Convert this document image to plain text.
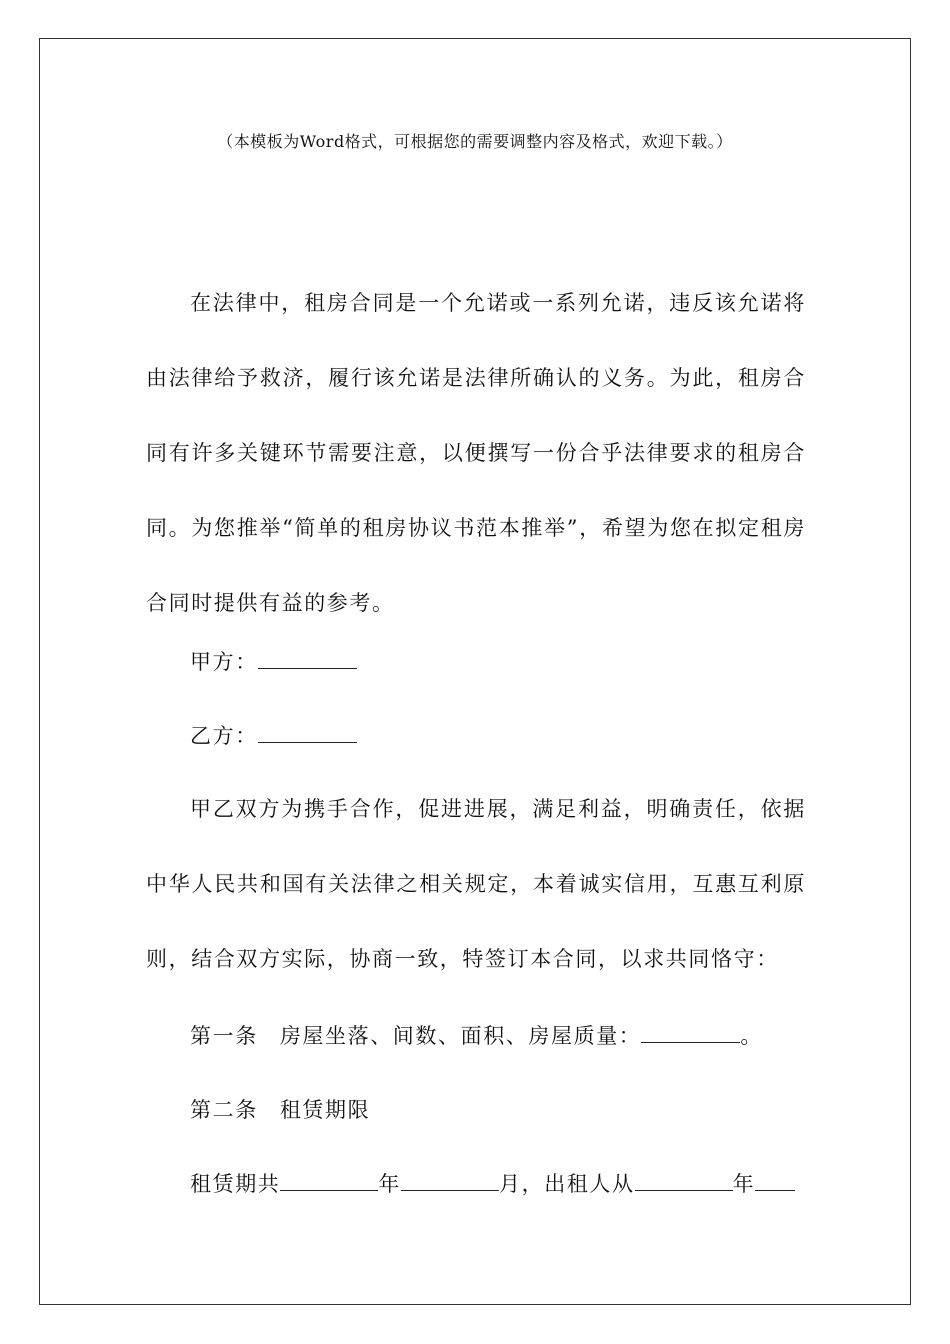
（本模板为Word格式，可根据您的需要调整内容及格式，欢迎下载。）

在法律中，租房合同是一个允诺或一系列允诺，违反该允诺将由法律给予救济，履行该允诺是法律所确认的义务。为此，租房合同有许多关键环节需要注意，以便撰写一份合乎法律要求的租房合同。为您推举“简单的租房协议书范本推举”，希望为您在拟定租房合同时提供有益的参考。

甲方：
乙方：

甲乙双方为携手合作，促进进展，满足利益，明确责任，依据中华人民共和国有关法律之相关规定，本着诚实信用，互惠互利原则，结合双方实际，协商一致，特签订本合同，以求共同恪守：

第一条 房屋坐落、间数、面积、房屋质量：	。
第二条 租赁期限
租赁期共	年	月，出租人从	年
